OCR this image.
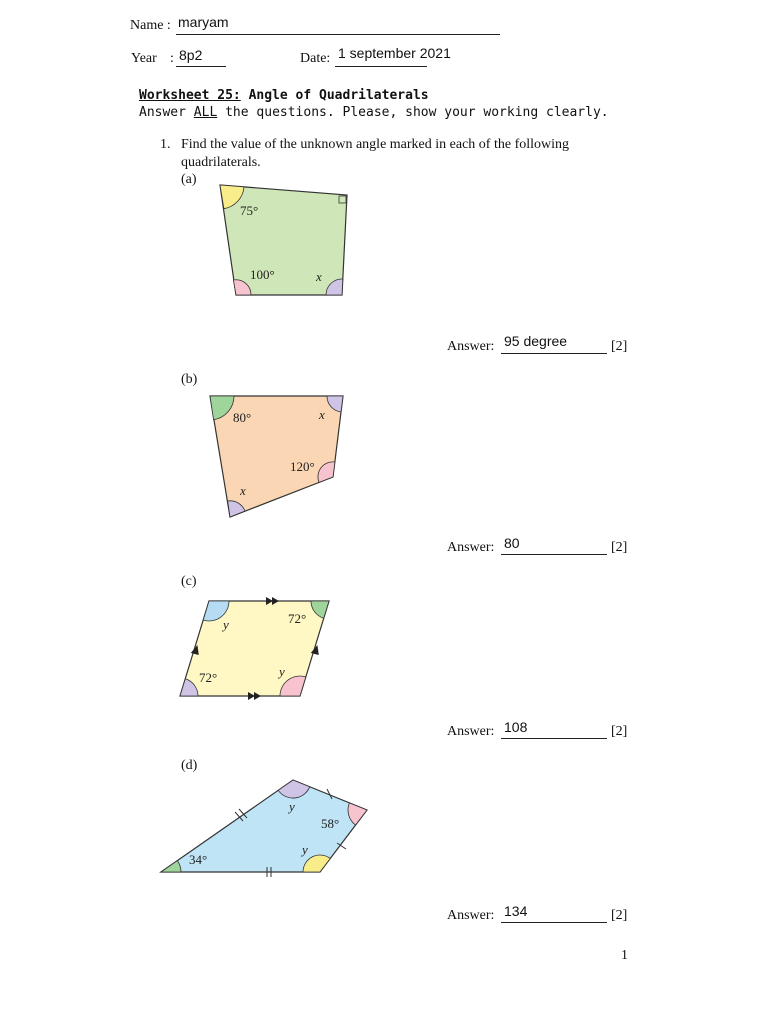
Name : maryam
Year : 8p2	Date: 1 september 2021
Worksheet 25: Angle of Quadrilaterals
Answer ALL the questions. Please, show your working clearly.
1. Find the value of the unknown angle marked in each of the following
quadrilaterals.
(a)
75°
100°	x
Answer: 95 degree	[2]
(b)
80°	x
120°
x
Answer: 80	[2]
(c)
y	72°
72°	y
Answer: 108	[2]
(d)
34°
y
58°
y
Answer: 134	[2]
1
